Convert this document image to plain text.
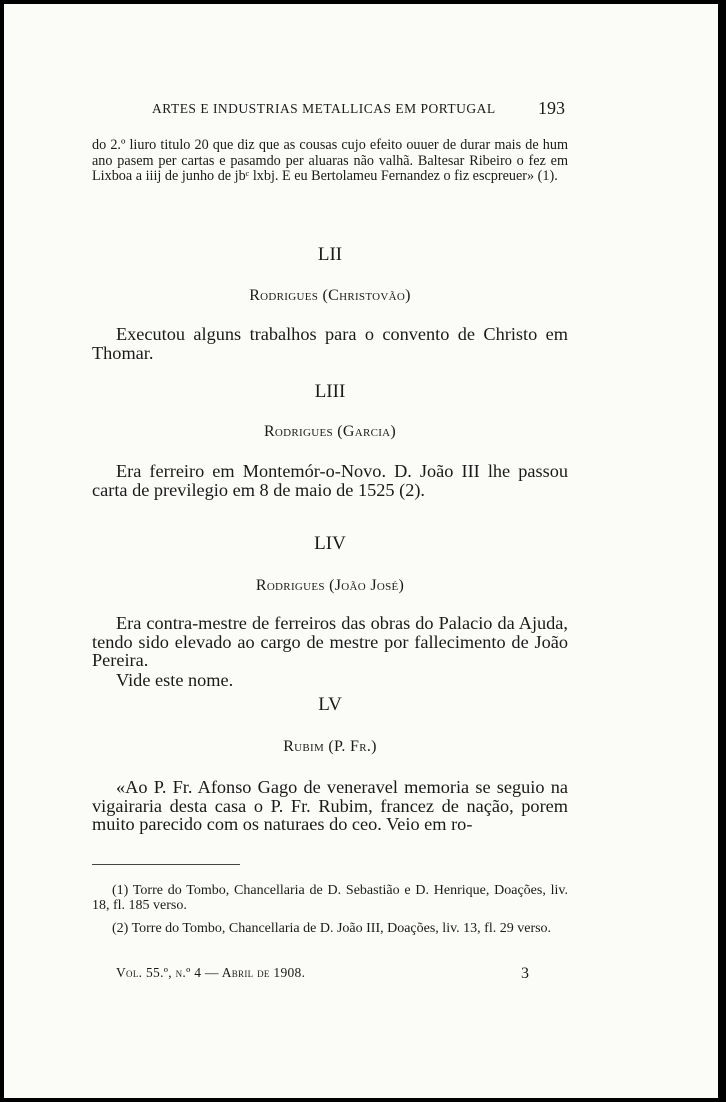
ARTES E INDUSTRIAS METALLICAS EM PORTUGAL 193

do 2.º liuro titulo 20 que diz que as cousas cujo efeito ouuer de durar mais de hum ano pasem per cartas e pasamdo per aluaras não valhã. Baltesar Ribeiro o fez em Lixboa a iiij de junho de jbᶜ lxbj. E eu Bertolameu Fernandez o fiz escpreuer» (1).

LII
Rodrigues (Christovão)

Executou alguns trabalhos para o convento de Christo em Thomar.

LIII
Rodrigues (Garcia)

Era ferreiro em Montemór-o-Novo. D. João III lhe passou carta de previlegio em 8 de maio de 1525 (2).

LIV
Rodrigues (João José)

Era contra-mestre de ferreiros das obras do Palacio da Ajuda, tendo sido elevado ao cargo de mestre por fallecimento de João Pereira.

Vide este nome.

LV
Rubim (P. Fr.)

«Ao P. Fr. Afonso Gago de veneravel memoria se seguio na vigairaria desta casa o P. Fr. Rubim, francez de nação, porem muito parecido com os naturaes do ceo. Veio em ro-

(1) Torre do Tombo, Chancellaria de D. Sebastião e D. Henrique, Doações, liv. 18, fl. 185 verso.

(2) Torre do Tombo, Chancellaria de D. João III, Doações, liv. 13, fl. 29 verso.

Vol. 55.º, n.º 4 — Abril de 1908.	3
